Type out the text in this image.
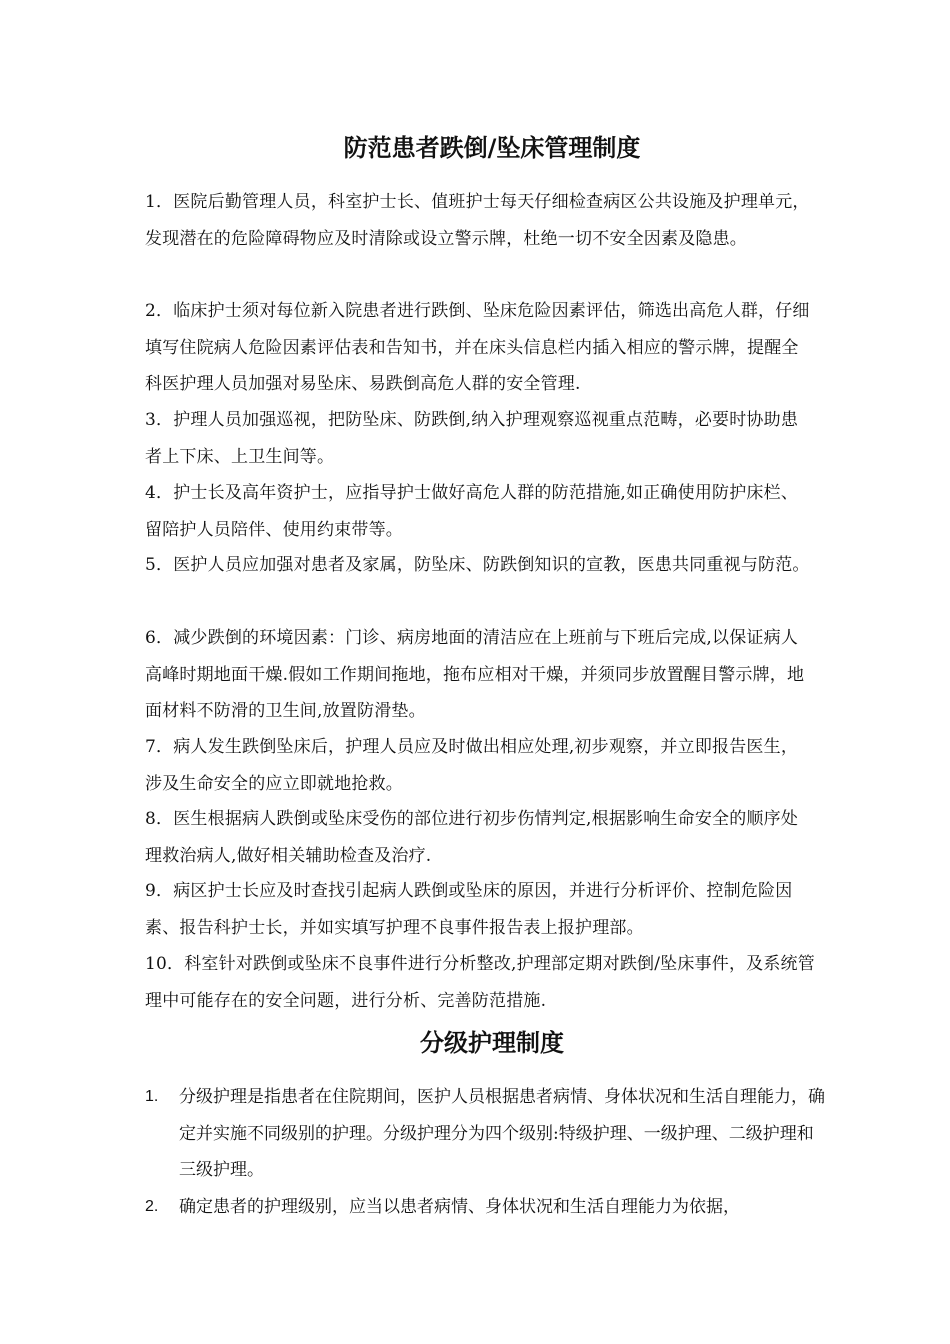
防范患者跌倒/坠床管理制度

1．医院后勤管理人员，科室护士长、值班护士每天仔细检查病区公共设施及护理单元，发现潜在的危险障碍物应及时清除或设立警示牌，杜绝一切不安全因素及隐患。

2．临床护士须对每位新入院患者进行跌倒、坠床危险因素评估，筛选出高危人群，仔细填写住院病人危险因素评估表和告知书，并在床头信息栏内插入相应的警示牌，提醒全科医护理人员加强对易坠床、易跌倒高危人群的安全管理.

3．护理人员加强巡视，把防坠床、防跌倒,纳入护理观察巡视重点范畴，必要时协助患者上下床、上卫生间等。

4．护士长及高年资护士，应指导护士做好高危人群的防范措施,如正确使用防护床栏、留陪护人员陪伴、使用约束带等。

5．医护人员应加强对患者及家属，防坠床、防跌倒知识的宣教，医患共同重视与防范。

6．减少跌倒的环境因素：门诊、病房地面的清洁应在上班前与下班后完成,以保证病人高峰时期地面干燥.假如工作期间拖地，拖布应相对干燥，并须同步放置醒目警示牌，地面材料不防滑的卫生间,放置防滑垫。

7．病人发生跌倒坠床后，护理人员应及时做出相应处理,初步观察，并立即报告医生，涉及生命安全的应立即就地抢救。

8．医生根据病人跌倒或坠床受伤的部位进行初步伤情判定,根据影响生命安全的顺序处理救治病人,做好相关辅助检查及治疗.

9．病区护士长应及时查找引起病人跌倒或坠床的原因，并进行分析评价、控制危险因素、报告科护士长，并如实填写护理不良事件报告表上报护理部。

10．科室针对跌倒或坠床不良事件进行分析整改,护理部定期对跌倒/坠床事件，及系统管理中可能存在的安全问题，进行分析、完善防范措施.

分级护理制度
1. 分级护理是指患者在住院期间，医护人员根据患者病情、身体状况和生活自理能力，确定并实施不同级别的护理。分级护理分为四个级别:特级护理、一级护理、二级护理和三级护理。
2. 确定患者的护理级别，应当以患者病情、身体状况和生活自理能力为依据，
